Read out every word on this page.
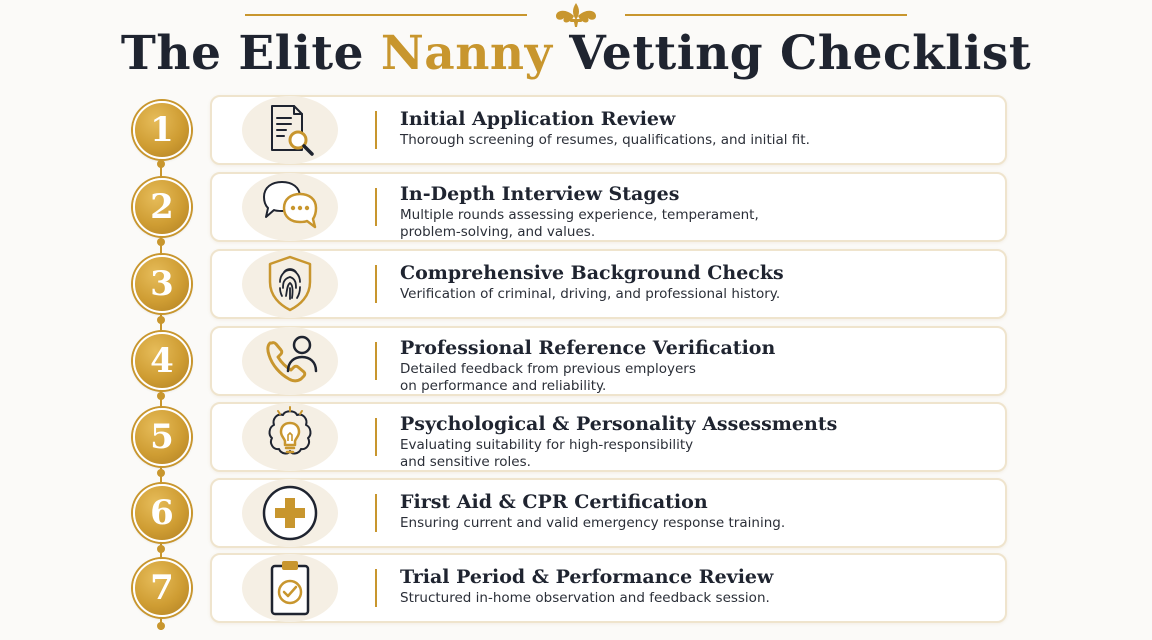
The Elite Nanny Vetting Checklist
1	Initial Application Review
Thorough screening of resumes, qualifications, and initial fit.
2	In-Depth Interview Stages
Multiple rounds assessing experience, temperament,
problem-solving, and values.
3	Comprehensive Background Checks
Verification of criminal, driving, and professional history.
4	Professional Reference Verification
Detailed feedback from previous employers
on performance and reliability.
5	Psychological & Personality Assessments
Evaluating suitability for high-responsibility
and sensitive roles.
6	First Aid & CPR Certification
Ensuring current and valid emergency response training.
7	Trial Period & Performance Review
Structured in-home observation and feedback session.
